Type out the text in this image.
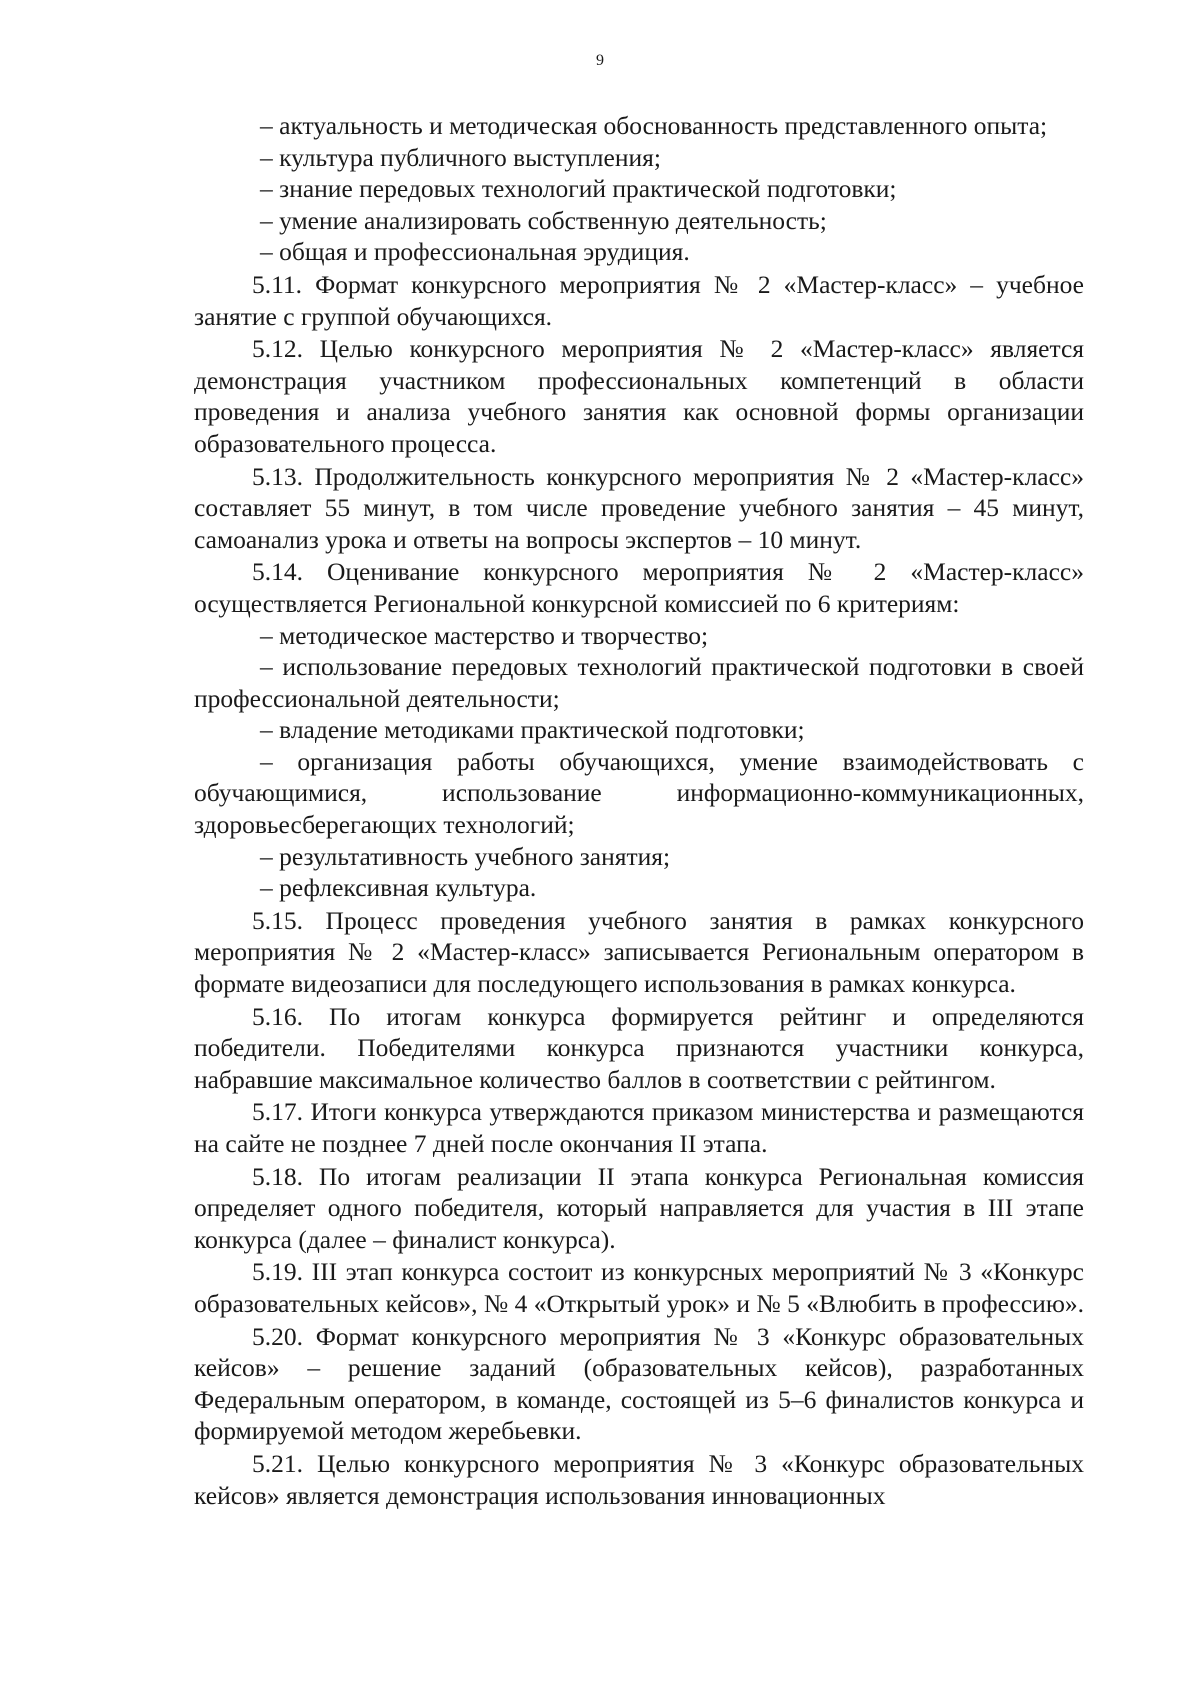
9

– актуальность и методическая обоснованность представленного опыта;

– культура публичного выступления;

– знание передовых технологий практической подготовки;

– умение анализировать собственную деятельность;

– общая и профессиональная эрудиция.

5.11. Формат конкурсного мероприятия № 2 «Мастер-класс» – учебное занятие с группой обучающихся.

5.12. Целью конкурсного мероприятия № 2 «Мастер-класс» является демонстрация участником профессиональных компетенций в области проведения и анализа учебного занятия как основной формы организации образовательного процесса.

5.13. Продолжительность конкурсного мероприятия № 2 «Мастер-класс» составляет 55 минут, в том числе проведение учебного занятия – 45 минут, самоанализ урока и ответы на вопросы экспертов – 10 минут.

5.14. Оценивание конкурсного мероприятия № 2 «Мастер-класс» осуществляется Региональной конкурсной комиссией по 6 критериям:

– методическое мастерство и творчество;

– использование передовых технологий практической подготовки в своей профессиональной деятельности;

– владение методиками практической подготовки;

– организация работы обучающихся, умение взаимодействовать с обучающимися, использование информационно-коммуникационных, здоровьесберегающих технологий;

– результативность учебного занятия;

– рефлексивная культура.

5.15. Процесс проведения учебного занятия в рамках конкурсного мероприятия № 2 «Мастер-класс» записывается Региональным оператором в формате видеозаписи для последующего использования в рамках конкурса.

5.16. По итогам конкурса формируется рейтинг и определяются победители. Победителями конкурса признаются участники конкурса, набравшие максимальное количество баллов в соответствии с рейтингом.

5.17. Итоги конкурса утверждаются приказом министерства и размещаются на сайте не позднее 7 дней после окончания II этапа.

5.18. По итогам реализации II этапа конкурса Региональная комиссия определяет одного победителя, который направляется для участия в III этапе конкурса (далее – финалист конкурса).

5.19. III этап конкурса состоит из конкурсных мероприятий № 3 «Конкурс образовательных кейсов», № 4 «Открытый урок» и № 5 «Влюбить в профессию».

5.20. Формат конкурсного мероприятия № 3 «Конкурс образовательных кейсов» – решение заданий (образовательных кейсов), разработанных Федеральным оператором, в команде, состоящей из 5–6 финалистов конкурса и формируемой методом жеребьевки.

5.21. Целью конкурсного мероприятия № 3 «Конкурс образовательных кейсов» является демонстрация использования инновационных
